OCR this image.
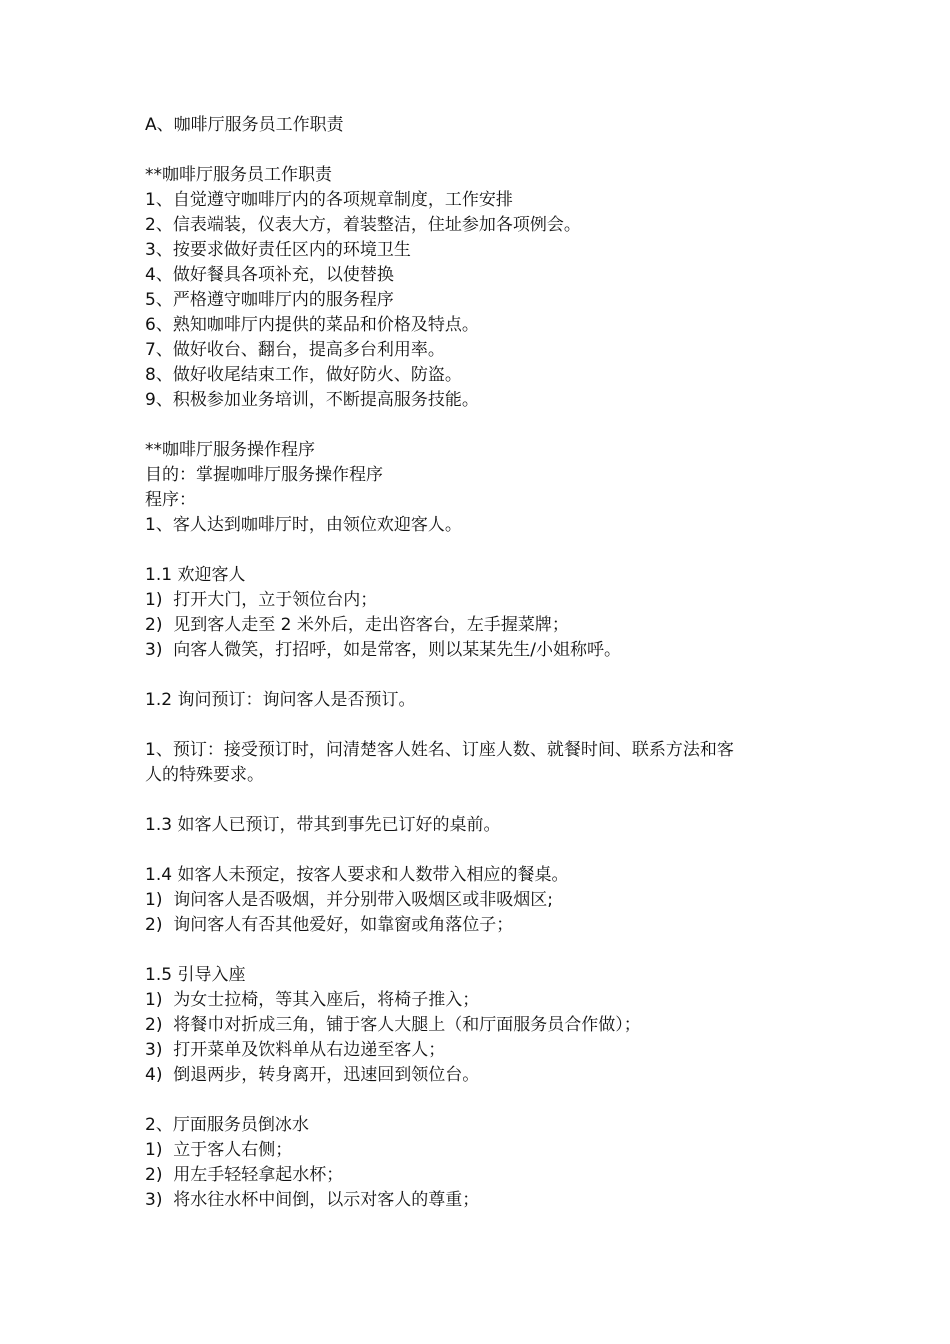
A、咖啡厅服务员工作职责
**咖啡厅服务员工作职责
1、自觉遵守咖啡厅内的各项规章制度，工作安排
2、信表端装，仪表大方，着装整洁，住址参加各项例会。
3、按要求做好责任区内的环境卫生
4、做好餐具各项补充，以使替换
5、严格遵守咖啡厅内的服务程序
6、熟知咖啡厅内提供的菜品和价格及特点。
7、做好收台、翻台，提高多台利用率。
8、做好收尾结束工作，做好防火、防盗。
9、积极参加业务培训，不断提高服务技能。
**咖啡厅服务操作程序
目的：掌握咖啡厅服务操作程序
程序：
1、客人达到咖啡厅时，由领位欢迎客人。
1.1 欢迎客人
1)  打开大门，立于领位台内；
2)  见到客人走至 2 米外后，走出咨客台，左手握菜牌；
3)  向客人微笑，打招呼，如是常客，则以某某先生/小姐称呼。
1.2 询问预订：询问客人是否预订。
1、预订：接受预订时，问清楚客人姓名、订座人数、就餐时间、联系方法和客
人的特殊要求。
1.3 如客人已预订，带其到事先已订好的桌前。
1.4 如客人未预定，按客人要求和人数带入相应的餐桌。
1)  询问客人是否吸烟，并分别带入吸烟区或非吸烟区;
2)  询问客人有否其他爱好，如靠窗或角落位子；
1.5 引导入座
1)  为女士拉椅，等其入座后，将椅子推入；
2)  将餐巾对折成三角，铺于客人大腿上（和厅面服务员合作做）；
3)  打开菜单及饮料单从右边递至客人；
4)  倒退两步，转身离开，迅速回到领位台。
2、厅面服务员倒冰水
1)  立于客人右侧；
2)  用左手轻轻拿起水杯；
3)  将水往水杯中间倒，以示对客人的尊重；
